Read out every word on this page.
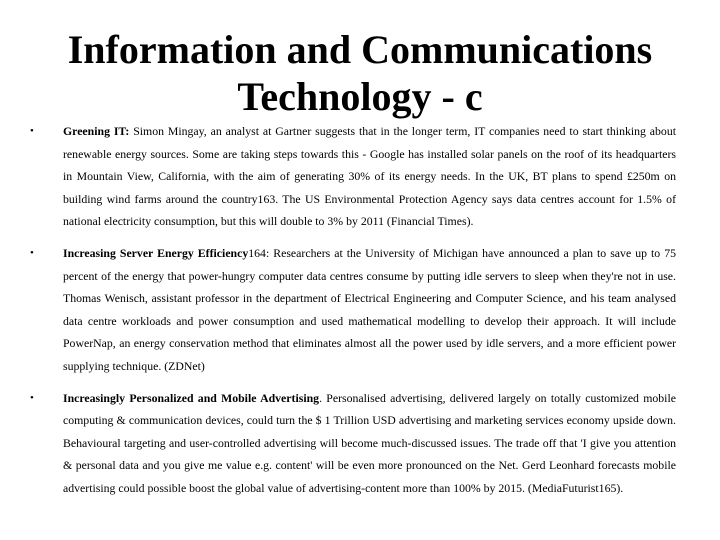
Information and Communications
Technology - c
• Greening IT: Simon Mingay, an analyst at Gartner suggests that in the longer term, IT companies need to start thinking about renewable energy sources. Some are taking steps towards this - Google has installed solar panels on the roof of its headquarters in Mountain View, California, with the aim of generating 30% of its energy needs. In the UK, BT plans to spend £250m on building wind farms around the country163. The US Environmental Protection Agency says data centres account for 1.5% of national electricity consumption, but this will double to 3% by 2011 (Financial Times).
• Increasing Server Energy Efficiency164: Researchers at the University of Michigan have announced a plan to save up to 75 percent of the energy that power-hungry computer data centres consume by putting idle servers to sleep when they're not in use. Thomas Wenisch, assistant professor in the department of Electrical Engineering and Computer Science, and his team analysed data centre workloads and power consumption and used mathematical modelling to develop their approach. It will include PowerNap, an energy conservation method that eliminates almost all the power used by idle servers, and a more efficient power supplying technique. (ZDNet)
• Increasingly Personalized and Mobile Advertising. Personalised advertising, delivered largely on totally customized mobile computing & communication devices, could turn the $ 1 Trillion USD advertising and marketing services economy upside down. Behavioural targeting and user-controlled advertising will become much-discussed issues. The trade off that 'I give you attention & personal data and you give me value e.g. content' will be even more pronounced on the Net. Gerd Leonhard forecasts mobile advertising could possible boost the global value of advertising-content more than 100% by 2015. (MediaFuturist165).
